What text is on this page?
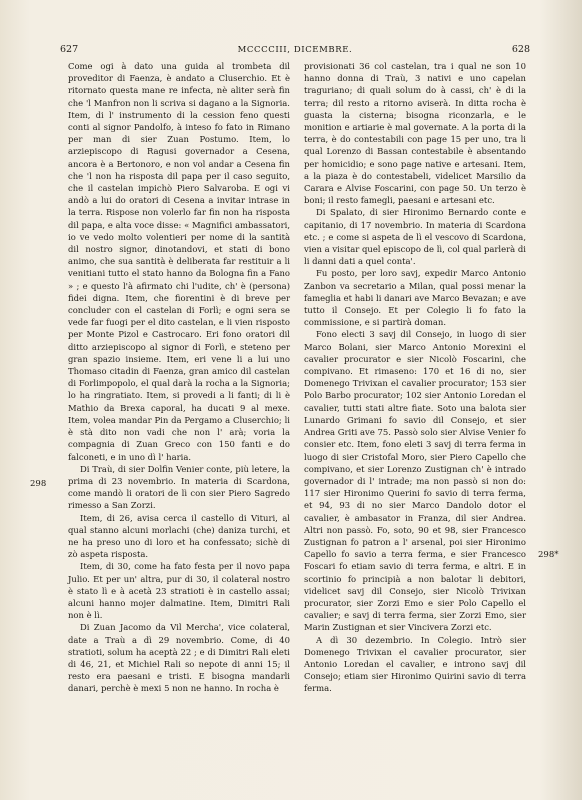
627	MCCCCIII, DICEMBRE.	628
298
298*

Come ogi à dato una guida al trombeta dil proveditor di Faenza, è andato a Cluserchio. Et è ritornato questa mane re infecta, nè aliter serà fin che 'l Manfron non li scriva si dagano a la Signoria. Item, di l' instrumento di la cession feno questi conti al signor Pandolfo, à inteso fo fato in Rimano per man di sier Zuan Postumo. Item, lo arziepiscopo di Ragusi governador a Cesena, ancora è a Bertonoro, e non vol andar a Cesena fin che 'l non ha risposta dil papa per il caso seguito, che il castelan impichò Piero Salvaroba. E ogi vi andò a lui do oratori di Cesena a invitar intrase in la terra. Rispose non volerlo far fin non ha risposta dil papa, e alta voce disse: « Magnifici ambassatori, io ve vedo molto volentieri per nome di la santità dil nostro signor, dinotandovi, et stati di bono animo, che sua santità è deliberata far restituir a li venitiani tutto el stato hanno da Bologna fin a Fano » ; e questo l'à afirmato chi l'udite, ch' è (persona) fidei digna. Item, che fiorentini è di breve per concluder con el castelan di Forlì; e ogni sera se vede far fuogi per el dito castelan, e li vien risposto per Monte Pizol e Castrocaro. Eri fono oratori dil ditto arziepiscopo al signor di Forlì, e steteno per gran spazio insieme. Item, eri vene li a lui uno Thomaso citadin di Faenza, gran amico dil castelan di Forlimpopolo, el qual darà la rocha a la Signoria; lo ha ringratiato. Item, si provedi a li fanti; di li è Mathio da Brexa caporal, ha ducati 9 al mexe. Item, volea mandar Pin da Pergamo a Cluserchio; li è stà dito non vadi che non l' arà; voria la compagnia di Zuan Greco con 150 fanti e do falconeti, e in uno dì l' haria.

Di Traù, di sier Dolfin Venier conte, più letere, la prima di 23 novembrio. In materia di Scardona, come mandò li oratori de lì con sier Piero Sagredo rimesso a San Zorzi.

Item, di 26, avisa cerca il castello di Vituri, al qual stanno alcuni morlachi (che) daniza turchi, et ne ha preso uno di loro et ha confessato; sichè di zò aspeta risposta.

Item, di 30, come ha fato festa per il novo papa Julio. Et per un' altra, pur di 30, il colateral nostro è stato lì e à acetà 23 stratioti è in castello assai; alcuni hanno mojer dalmatine. Item, Dimitri Rali non è lì.

Di Zuan Jacomo da Vil Mercha', vice colateral, date a Traù a dì 29 novembrio. Come, di 40 stratioti, solum ha aceptà 22 ; e di Dimitri Rali eleti di 46, 21, et Michiel Rali so nepote di anni 15; il resto era paesani e tristi. E bisogna mandarli danari, perchè è mexi 5 non ne hanno. In rocha è

provisionati 36 col castelan, tra i qual ne son 10 hanno donna di Traù, 3 nativi e uno capelan traguriano; di quali solum do à cassi, ch' è di la terra; dil resto a ritorno aviserà. In ditta rocha è guasta la cisterna; bisogna riconzarla, e le monition e artiarie è mal governate. A la porta di la terra, è do contestabili con page 15 per uno, tra li qual Lorenzo di Bassan contestabile è absentando per homicidio; e sono page native e artesani. Item, a la piaza è do contestabeli, videlicet Marsilio da Carara e Alvise Foscarini, con page 50. Un terzo è boni; il resto famegli, paesani e artesani etc.

Di Spalato, di sier Hironimo Bernardo conte e capitanio, di 17 novembrio. In materia di Scardona etc. ; e come si aspeta de lì el vescovo di Scardona, vien a visitar quel episcopo de lì, col qual parlerà di li danni dati a quel conta'.

Fu posto, per loro savj, expedir Marco Antonio Zanbon va secretario a Milan, qual possi menar la fameglia et habi li danari ave Marco Bevazan; e ave tutto il Consejo. Et per Colegio li fo fato la commissione, e si partirà doman.

Fono electi 3 savj dil Consejo, in luogo di sier Marco Bolani, sier Marco Antonio Morexini el cavalier procurator e sier Nicolò Foscarini, che compivano. Et rimaseno: 170 et 16 di no, sier Domenego Trivixan el cavalier procurator; 153 sier Polo Barbo procurator; 102 sier Antonio Loredan el cavalier, tutti stati altre fiate. Soto una balota sier Lunardo Grimani fo savio dil Consejo, et sier Andrea Griti ave 75. Passò solo sier Alvise Venier fo consier etc. Item, fono eleti 3 savj di terra ferma in luogo di sier Cristofal Moro, sier Piero Capello che compivano, et sier Lorenzo Zustignan ch' è intrado governador di l' intrade; ma non passò si non do: 117 sier Hironimo Querini fo savio di terra ferma, et 94, 93 di no sier Marco Dandolo dotor el cavalier, è ambasator in Franza, dil sier Andrea. Altri non passò. Fo, soto, 90 et 98, sier Francesco Zustignan fo patron a l' arsenal, poi sier Hironimo Capello fo savio a terra ferma, e sier Francesco Foscari fo etiam savio di terra ferma, e altri. E in scortinio fo principià a non balotar li debitori, videlicet savj dil Consejo, sier Nicolò Trivixan procurator, sier Zorzi Emo e sier Polo Capello el cavalier; e savj di terra ferma, sier Zorzi Emo, sier Marin Zustignan et sier Vincivera Zorzi etc.

A dì 30 dezembrio. In Colegio. Intrò sier Domenego Trivixan el cavalier procurator, sier Antonio Loredan el cavalier, e introno savj dil Consejo; etiam sier Hironimo Quirini savio di terra ferma.
